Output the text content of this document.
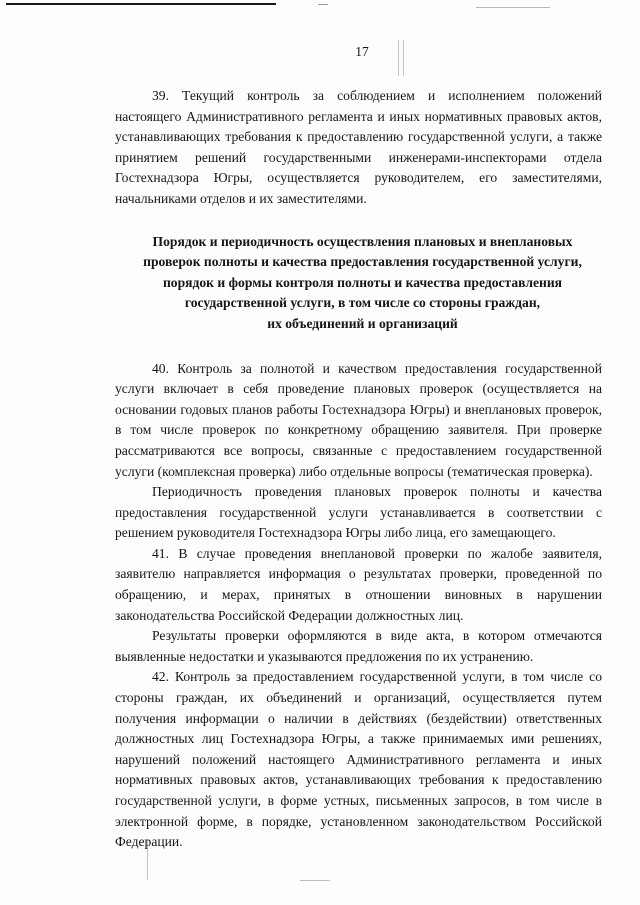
17

39. Текущий контроль за соблюдением и исполнением положений настоящего Административного регламента и иных нормативных правовых актов, устанавливающих требования к предоставлению государственной услуги, а также принятием решений государственными инженерами-инспекторами отдела Гостехнадзора Югры, осуществляется руководителем, его заместителями, начальниками отделов и их заместителями.

Порядок и периодичность осуществления плановых и внеплановых
проверок полноты и качества предоставления государственной услуги,
порядок и формы контроля полноты и качества предоставления
государственной услуги, в том числе со стороны граждан,
их объединений и организаций

40. Контроль за полнотой и качеством предоставления государственной услуги включает в себя проведение плановых проверок (осуществляется на основании годовых планов работы Гостехнадзора Югры) и внеплановых проверок, в том числе проверок по конкретному обращению заявителя. При проверке рассматриваются все вопросы, связанные с предоставлением государственной услуги (комплексная проверка) либо отдельные вопросы (тематическая проверка).

Периодичность проведения плановых проверок полноты и качества предоставления государственной услуги устанавливается в соответствии с решением руководителя Гостехнадзора Югры либо лица, его замещающего.

41. В случае проведения внеплановой проверки по жалобе заявителя, заявителю направляется информация о результатах проверки, проведенной по обращению, и мерах, принятых в отношении виновных в нарушении законодательства Российской Федерации должностных лиц.

Результаты проверки оформляются в виде акта, в котором отмечаются выявленные недостатки и указываются предложения по их устранению.

42. Контроль за предоставлением государственной услуги, в том числе со стороны граждан, их объединений и организаций, осуществляется путем получения информации о наличии в действиях (бездействии) ответственных должностных лиц Гостехнадзора Югры, а также принимаемых ими решениях, нарушений положений настоящего Административного регламента и иных нормативных правовых актов, устанавливающих требования к предоставлению государственной услуги, в форме устных, письменных запросов, в том числе в электронной форме, в порядке, установленном законодательством Российской Федерации.
